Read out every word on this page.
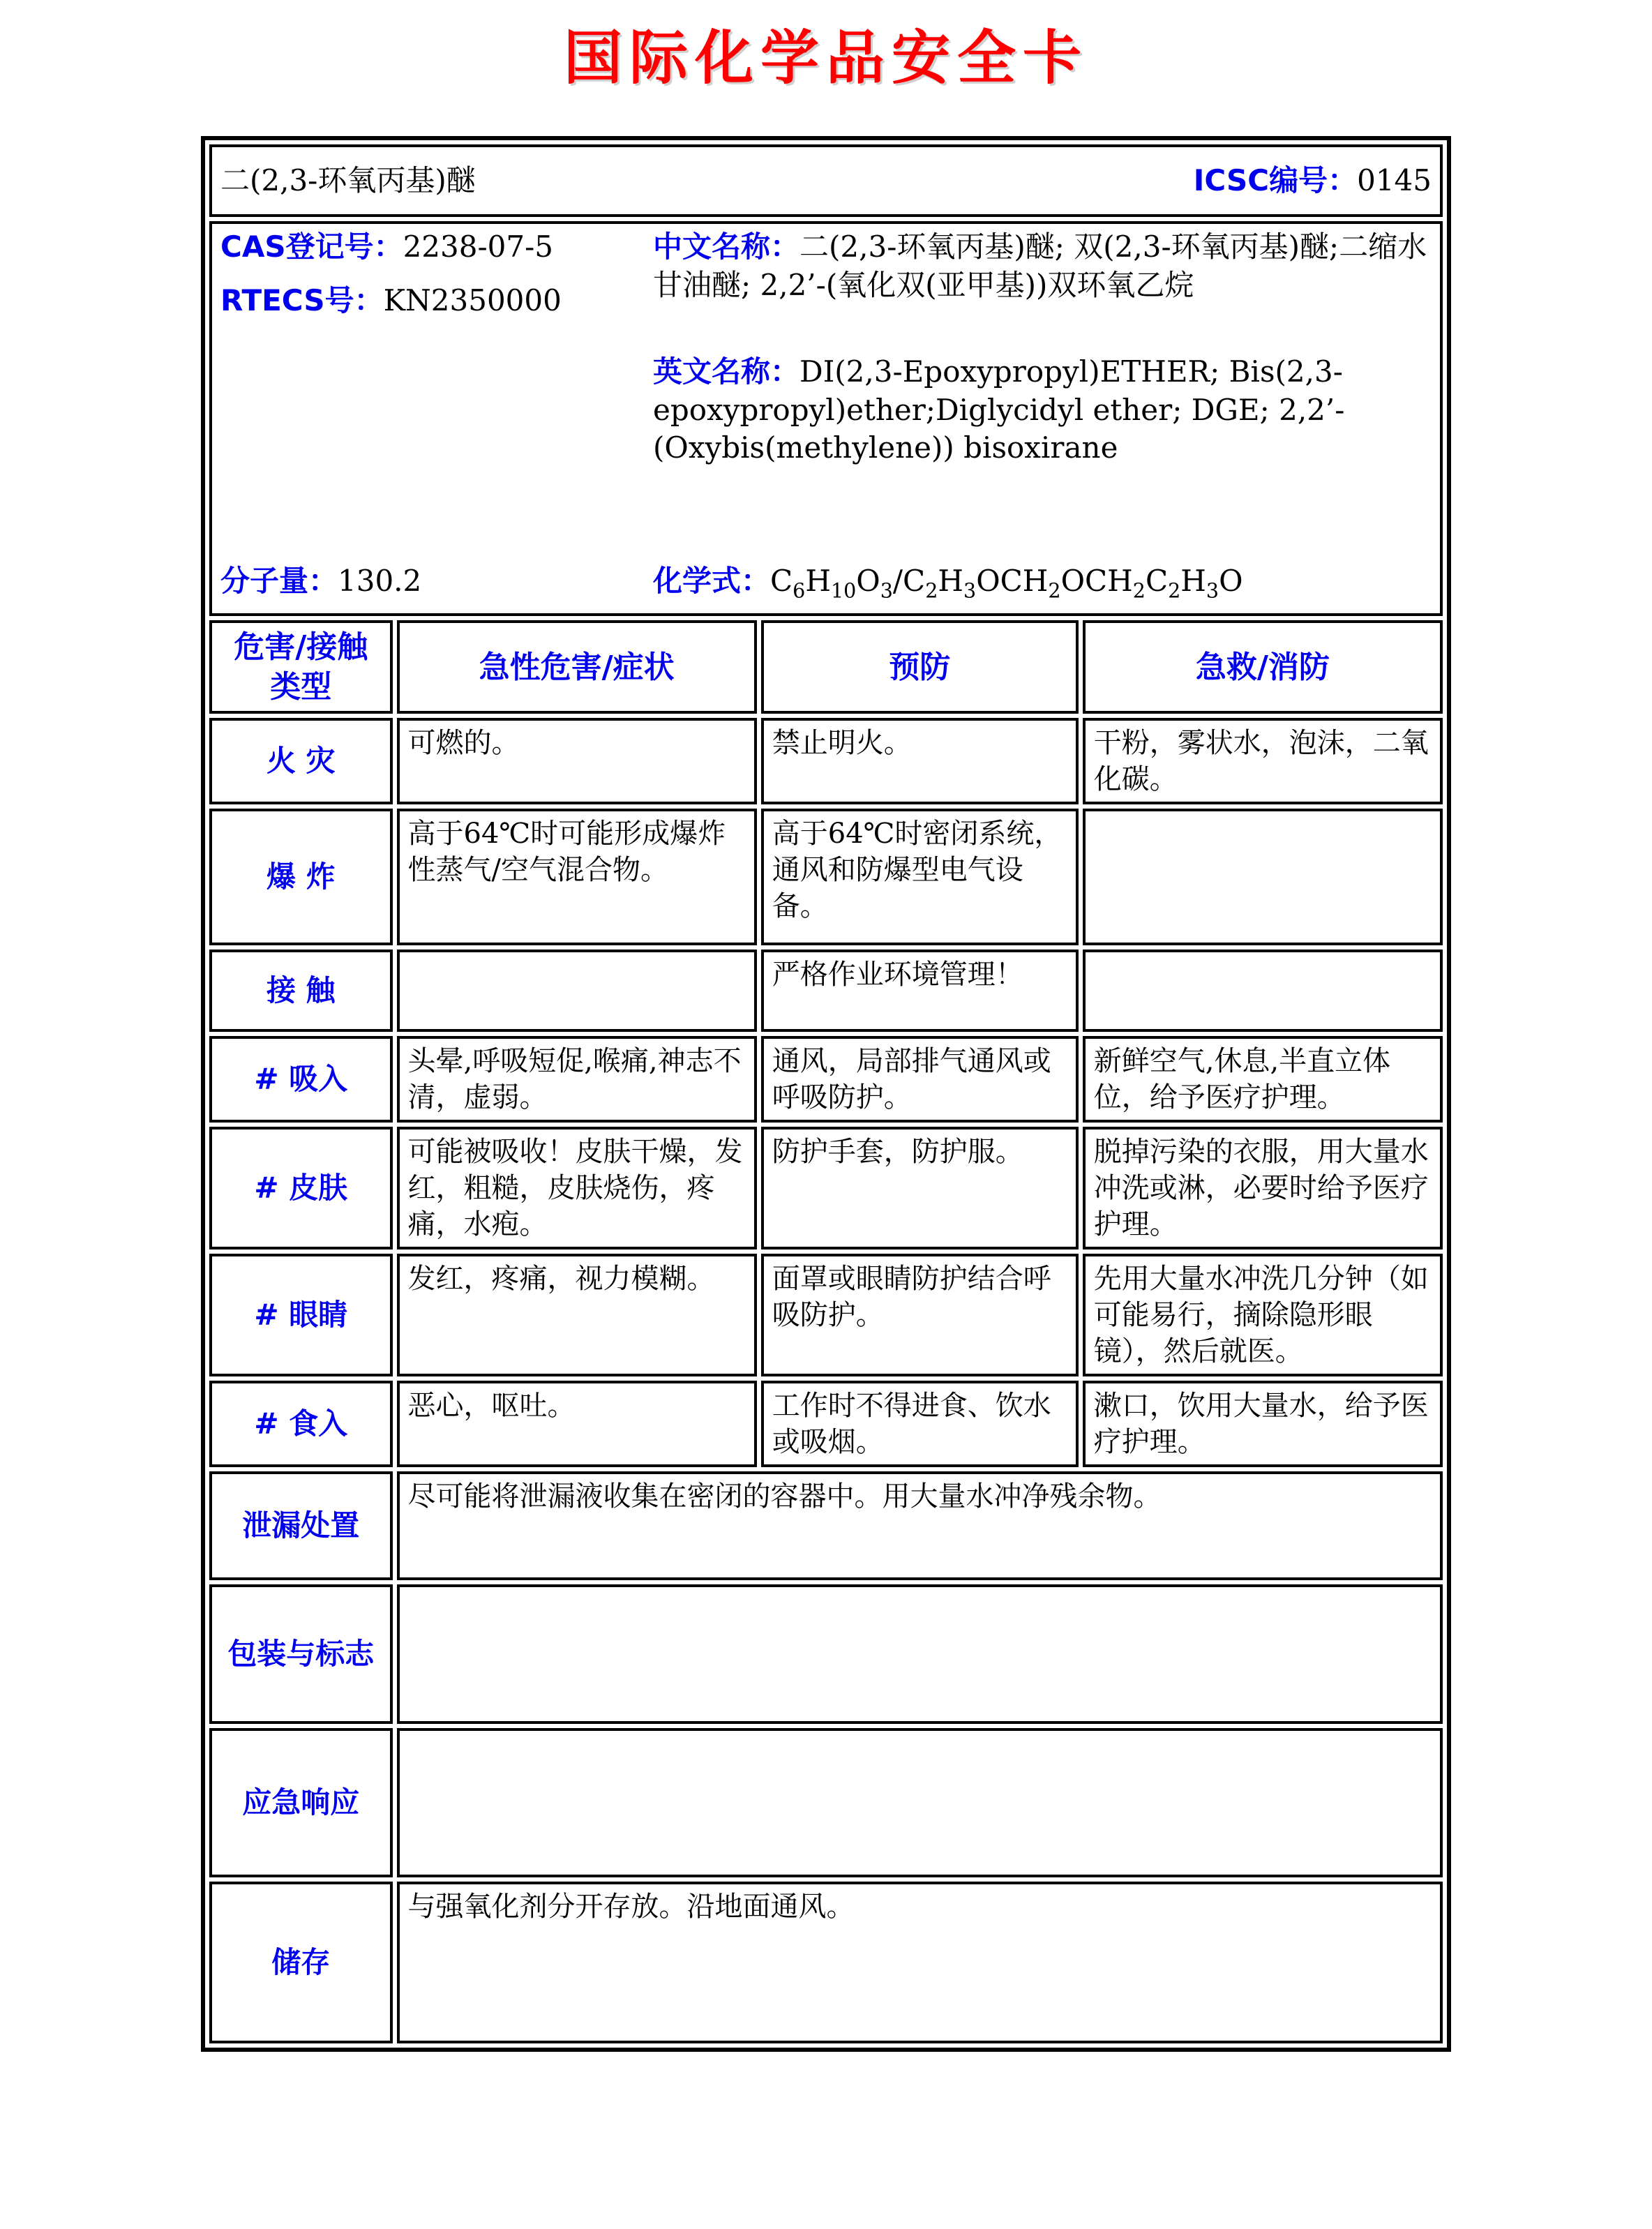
国际化学品安全卡
二(2,3-环氧丙基)醚 ICSC编号：0145			

CAS登记号：2238-07-5

RTECS号：KN2350000

分子量：130.2

中文名称：二(2,3-环氧丙基)醚; 双(2,3-环氧丙基)醚;二缩水甘油醚; 2,2’-(氧化双(亚甲基))双环氧乙烷

英文名称：DI(2,3-Epoxypropyl)ETHER; Bis(2,3-epoxypropyl)ether;Diglycidyl ether; DGE; 2,2’-(Oxybis(methylene)) bisoxirane

化学式：$C_6H_{10}O_3/C_2H_3OCH_2OCH_2C_2H_3O$

危害/接触类型	急性危害/症状	预防	急救/消防
火 灾	可燃的。	禁止明火。	干粉，雾状水，泡沫，二氧化碳。
爆 炸	高于64℃时可能形成爆炸性蒸气/空气混合物。	高于64℃时密闭系统，通风和防爆型电气设备。	
接 触		严格作业环境管理！	
# 吸入	头晕,呼吸短促,喉痛,神志不清，虚弱。	通风，局部排气通风或呼吸防护。	新鲜空气,休息,半直立体位，给予医疗护理。
# 皮肤	可能被吸收！皮肤干燥，发红，粗糙，皮肤烧伤，疼痛，水疱。	防护手套，防护服。	脱掉污染的衣服，用大量水冲洗或淋，必要时给予医疗护理。
# 眼睛	发红，疼痛，视力模糊。	面罩或眼睛防护结合呼吸防护。	先用大量水冲洗几分钟（如可能易行，摘除隐形眼镜），然后就医。
# 食入	恶心，呕吐。	工作时不得进食、饮水或吸烟。	漱口，饮用大量水，给予医疗护理。
泄漏处置	尽可能将泄漏液收集在密闭的容器中。用大量水冲净残余物。		
包装与标志			
应急响应			
储存	与强氧化剂分开存放。沿地面通风。		
